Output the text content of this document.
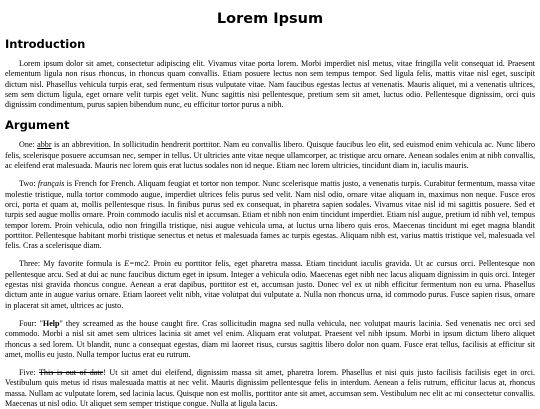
Lorem Ipsum
Introduction

Lorem ipsum dolor sit amet, consectetur adipiscing elit. Vivamus vitae porta lorem. Morbi imperdiet nisl metus, vitae fringilla velit consequat id. Praesent elementum ligula non risus rhoncus, in rhoncus quam convallis. Etiam posuere lectus non sem tempus tempor. Sed ligula felis, mattis vitae nisl eget, suscipit dictum nisl. Phasellus vehicula turpis erat, sed fermentum risus vulputate vitae. Nam faucibus egestas lectus at venenatis. Mauris aliquet, mi a venenatis ultrices, sem sem dictum ligula, eget ornare velit turpis eget velit. Nunc sagittis nisi pellentesque, pretium sem sit amet, luctus odio. Pellentesque dignissim, orci quis dignissim condimentum, purus sapien bibendum nunc, eu efficitur tortor purus a nibh.

Argument

One: abbr is an abbrevition. In sollicitudin hendrerit porttitor. Nam eu convallis libero. Quisque faucibus leo elit, sed euismod enim vehicula ac. Nunc libero felis, scelerisque posuere accumsan nec, semper in tellus. Ut ultricies ante vitae neque ullamcorper, ac tristique arcu ornare. Aenean sodales enim at nibh convallis, ac eleifend erat malesuada. Mauris nec lorem quis erat luctus sodales non id neque. Etiam nec lorem ultricies, tincidunt diam in, iaculis mauris.

Two: français is French for French. Aliquam feugiat et tortor non tempor. Nunc scelerisque mattis justo, a venenatis turpis. Curabitur fermentum, massa vitae molestie tristique, nulla tortor commodo augue, imperdiet ultrices felis purus sed velit. Nam nisl odio, ornare vitae aliquam in, maximus non neque. Fusce eros orci, porta et quam at, mollis pellentesque risus. In finibus purus sed ex consequat, in pharetra sapien sodales. Vivamus vitae nisl id mi sagittis posuere. Sed et turpis sed augue mollis ornare. Proin commodo iaculis nisl et accumsan. Etiam et nibh non enim tincidunt imperdiet. Etiam nisl augue, pretium id nibh vel, tempus tempor lorem. Proin vehicula, odio non fringilla tristique, nisi augue vehicula urna, at luctus urna libero quis eros. Maecenas tincidunt mi eget magna blandit porttitor. Pellentesque habitant morbi tristique senectus et netus et malesuada fames ac turpis egestas. Aliquam nibh est, varius mattis tristique vel, malesuada vel felis. Cras a scelerisque diam.

Three: My favorite formula is E=mc2. Proin eu porttitor felis, eget pharetra massa. Etiam tincidunt iaculis gravida. Ut ac cursus orci. Pellentesque non pellentesque arcu. Sed at dui ac nunc faucibus dictum eget in ipsum. Integer a vehicula odio. Maecenas eget nibh nec lacus aliquam dignissim in quis orci. Integer egestas nisi gravida rhoncus congue. Aenean a erat dapibus, porttitor est et, accumsan justo. Donec vel ex ut nibh efficitur fermentum non eu urna. Phasellus dictum ante in augue varius ornare. Etiam laoreet velit nibh, vitae volutpat dui vulputate a. Nulla non rhoncus urna, id commodo purus. Fusce sapien risus, ornare in placerat sit amet, ultrices ac justo.

Four: "Help" they screamed as the house caught fire. Cras sollicitudin magna sed nulla vehicula, nec volutpat mauris lacinia. Sed venenatis nec orci sed commodo. Morbi a nisl sit amet sem ultrices lacinia sit amet vel enim. Aliquam erat volutpat. Praesent vel nibh ipsum. Morbi in ipsum dictum libero aliquet rhoncus a sed lorem. Ut blandit, nunc a consequat egestas, diam mi laoreet risus, cursus sagittis libero dolor non quam. Fusce erat tellus, facilisis at efficitur sit amet, mollis eu justo. Nulla tempor luctus erat eu rutrum.

Five: This is out of date! Ut sit amet dui eleifend, dignissim massa sit amet, pharetra lorem. Phasellus et nisi quis justo facilisis facilisis eget in orci. Vestibulum quis metus id risus malesuada mattis at nec velit. Mauris dignissim pellentesque felis in interdum. Aenean a felis rutrum, efficitur lacus at, rhoncus massa. Nullam ac vulputate lorem, sed lacinia lacus. Quisque non est mollis, porttitor ante sit amet, accumsan sem. Vestibulum nec elit ac mi consectetur convallis. Maecenas ut nisl odio. Ut aliquet sem semper tristique congue. Nulla at ligula lacus.
